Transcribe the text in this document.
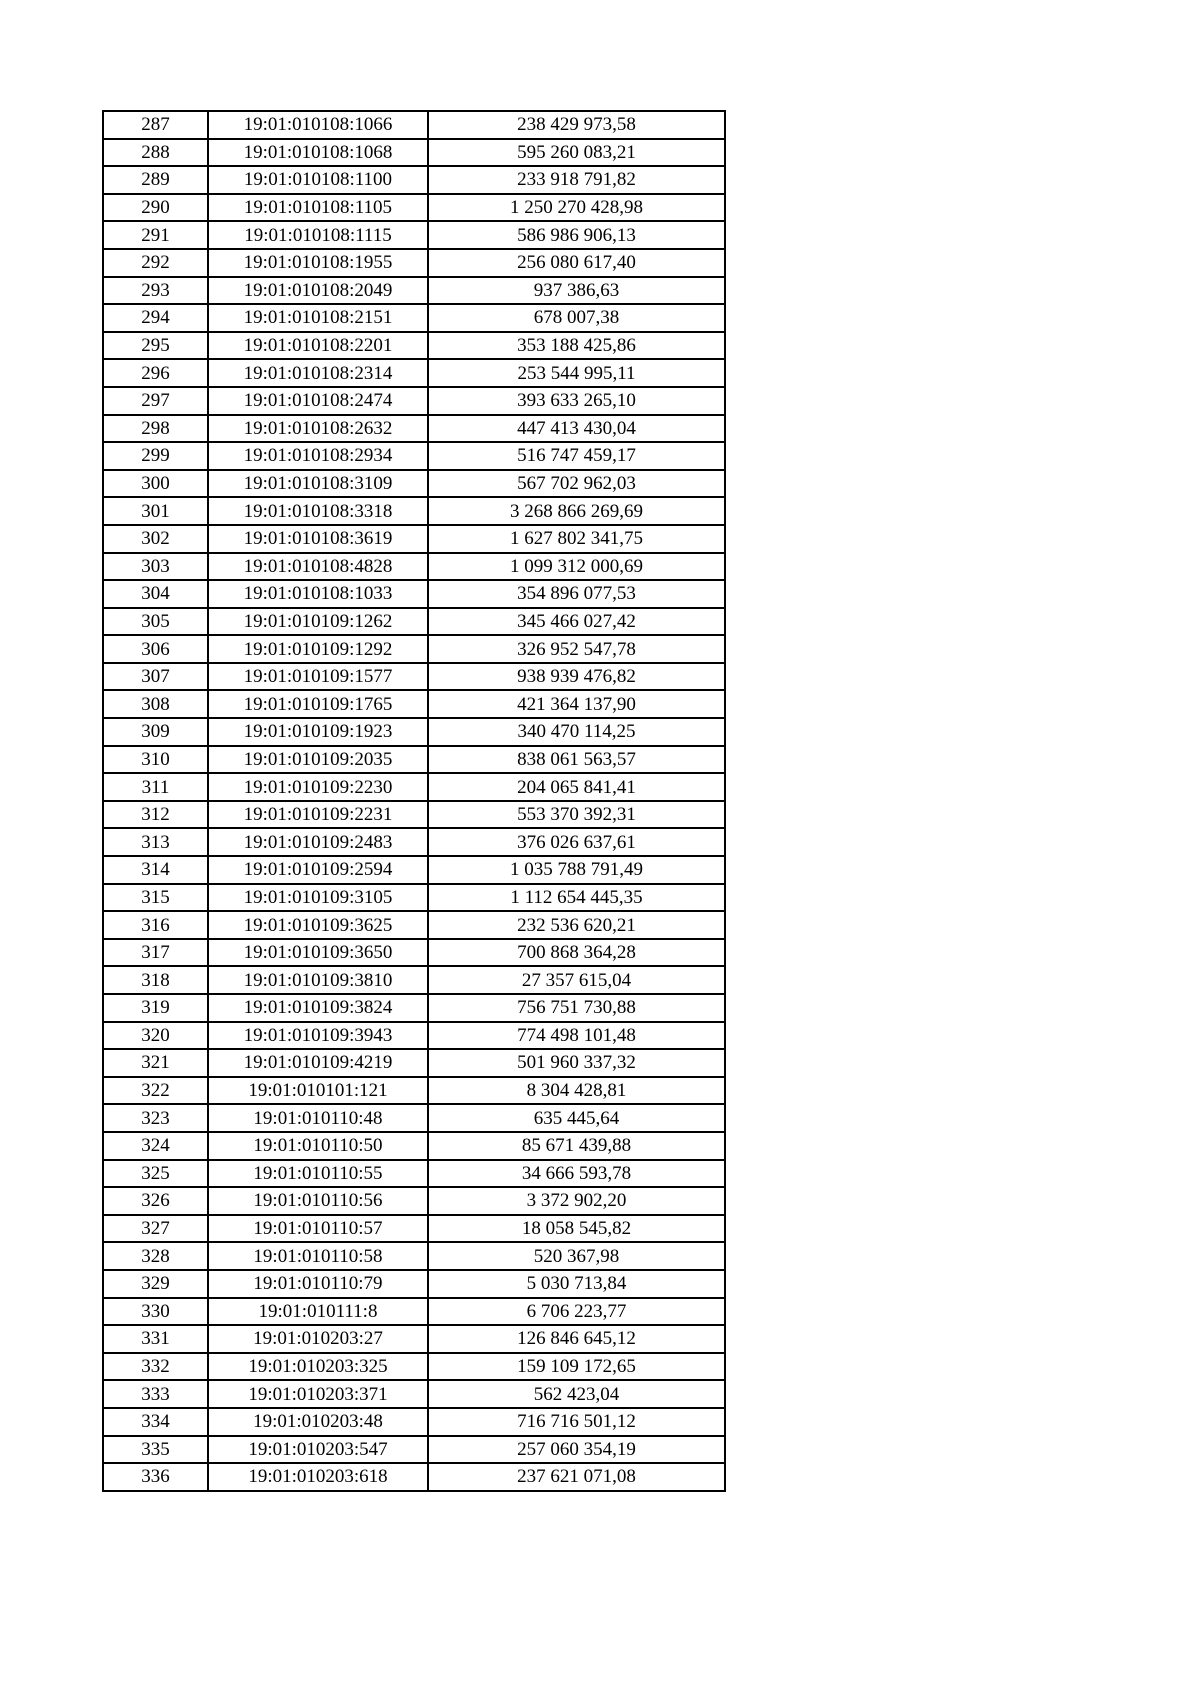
287	19:01:010108:1066	238 429 973,58
288	19:01:010108:1068	595 260 083,21
289	19:01:010108:1100	233 918 791,82
290	19:01:010108:1105	1 250 270 428,98
291	19:01:010108:1115	586 986 906,13
292	19:01:010108:1955	256 080 617,40
293	19:01:010108:2049	937 386,63
294	19:01:010108:2151	678 007,38
295	19:01:010108:2201	353 188 425,86
296	19:01:010108:2314	253 544 995,11
297	19:01:010108:2474	393 633 265,10
298	19:01:010108:2632	447 413 430,04
299	19:01:010108:2934	516 747 459,17
300	19:01:010108:3109	567 702 962,03
301	19:01:010108:3318	3 268 866 269,69
302	19:01:010108:3619	1 627 802 341,75
303	19:01:010108:4828	1 099 312 000,69
304	19:01:010108:1033	354 896 077,53
305	19:01:010109:1262	345 466 027,42
306	19:01:010109:1292	326 952 547,78
307	19:01:010109:1577	938 939 476,82
308	19:01:010109:1765	421 364 137,90
309	19:01:010109:1923	340 470 114,25
310	19:01:010109:2035	838 061 563,57
311	19:01:010109:2230	204 065 841,41
312	19:01:010109:2231	553 370 392,31
313	19:01:010109:2483	376 026 637,61
314	19:01:010109:2594	1 035 788 791,49
315	19:01:010109:3105	1 112 654 445,35
316	19:01:010109:3625	232 536 620,21
317	19:01:010109:3650	700 868 364,28
318	19:01:010109:3810	27 357 615,04
319	19:01:010109:3824	756 751 730,88
320	19:01:010109:3943	774 498 101,48
321	19:01:010109:4219	501 960 337,32
322	19:01:010101:121	8 304 428,81
323	19:01:010110:48	635 445,64
324	19:01:010110:50	85 671 439,88
325	19:01:010110:55	34 666 593,78
326	19:01:010110:56	3 372 902,20
327	19:01:010110:57	18 058 545,82
328	19:01:010110:58	520 367,98
329	19:01:010110:79	5 030 713,84
330	19:01:010111:8	6 706 223,77
331	19:01:010203:27	126 846 645,12
332	19:01:010203:325	159 109 172,65
333	19:01:010203:371	562 423,04
334	19:01:010203:48	716 716 501,12
335	19:01:010203:547	257 060 354,19
336	19:01:010203:618	237 621 071,08
